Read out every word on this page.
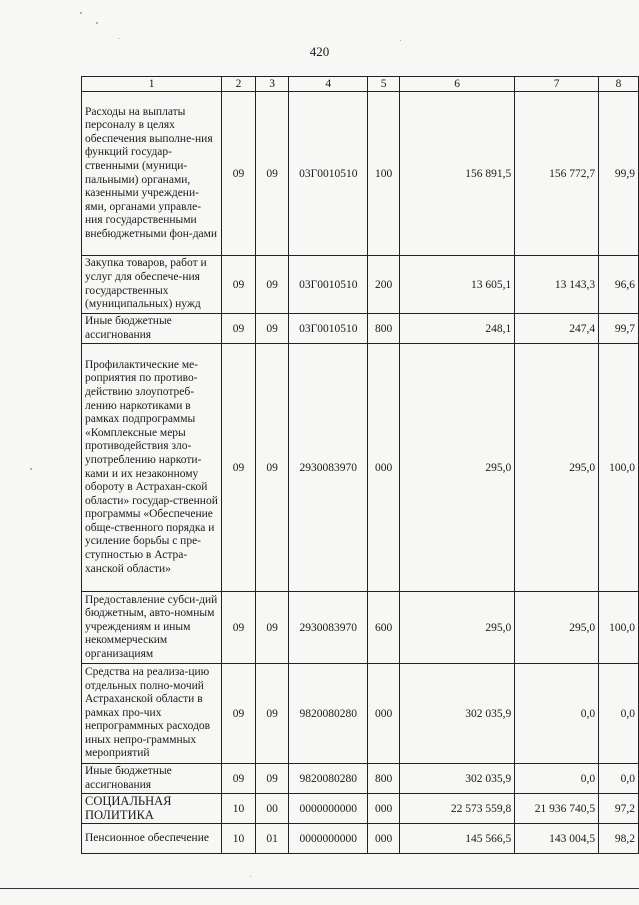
420
1	2	3	4	5	6	7	8
Расходы на выплаты персоналу в целях обеспечения выполне-ния функций государ-ственными (муници-пальными) органами, казенными учреждени-ями, органами управле-ния государственными внебюджетными фон-дами	09	09	03Г0010510	100	156 891,5	156 772,7	99,9
Закупка товаров, работ и услуг для обеспече-ния государственных (муниципальных) нужд	09	09	03Г0010510	200	13 605,1	13 143,3	96,6
Иные бюджетные ассигнования	09	09	03Г0010510	800	248,1	247,4	99,7
Профилактические ме-роприятия по противо-действию злоупотреб-лению наркотиками в рамках подпрограммы «Комплексные меры противодействия зло-употреблению наркоти-ками и их незаконному обороту в Астрахан-ской области» государ-ственной программы «Обеспечение обще-ственного порядка и усиление борьбы с пре-ступностью в Астра-ханской области»	09	09	2930083970	000	295,0	295,0	100,0
Предоставление субси-дий бюджетным, авто-номным учреждениям и иным некоммерческим организациям	09	09	2930083970	600	295,0	295,0	100,0
Средства на реализа-цию отдельных полно-мочий Астраханской области в рамках про-чих непрограммных расходов иных непро-граммных мероприятий	09	09	9820080280	000	302 035,9	0,0	0,0
Иные бюджетные ассигнования	09	09	9820080280	800	302 035,9	0,0	0,0
СОЦИАЛЬНАЯ ПОЛИТИКА	10	00	0000000000	000	22 573 559,8	21 936 740,5	97,2
Пенсионное обеспечение	10	01	0000000000	000	145 566,5	143 004,5	98,2
